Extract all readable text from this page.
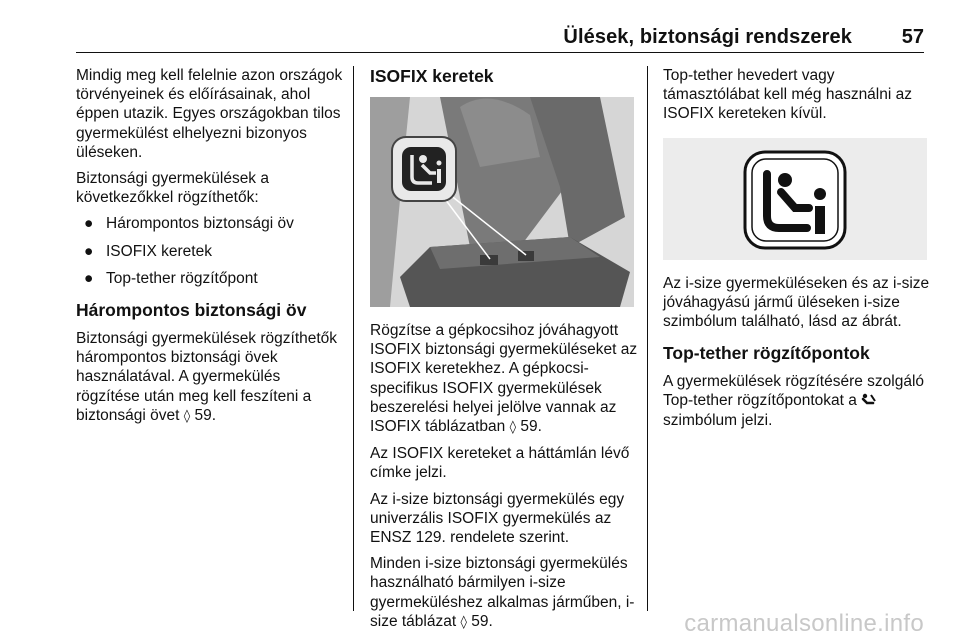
Ülések, biztonsági rendszerek 57

Mindig meg kell felelnie azon országok törvényeinek és előírásainak, ahol éppen utazik. Egyes országokban tilos gyermekülést elhelyezni bizonyos üléseken.

Biztonsági gyermekülések a következőkkel rögzíthetők:

● Hárompontos biztonsági öv
● ISOFIX keretek
● Top-tether rögzítőpont
Hárompontos biztonsági öv

Biztonsági gyermekülések rögzíthetők hárompontos biztonsági övek használatával. A gyermekülés rögzítése után meg kell feszíteni a biztonsági övet ◊ 59.

ISOFIX keretek

Rögzítse a gépkocsihoz jóváhagyott ISOFIX biztonsági gyermeküléseket az ISOFIX keretekhez. A gépkocsi-specifikus ISOFIX gyermekülések beszerelési helyei jelölve vannak az ISOFIX táblázatban ◊ 59.

Az ISOFIX kereteket a háttámlán lévő címke jelzi.

Az i-size biztonsági gyermekülés egy univerzális ISOFIX gyermekülés az ENSZ 129. rendelete szerint.

Minden i-size biztonsági gyermekülés használható bármilyen i-size gyermeküléshez alkalmas járműben, i-size táblázat ◊ 59.

Top-tether hevedert vagy támasztólábat kell még használni az ISOFIX kereteken kívül.

Az i-size gyermeküléseken és az i-size jóváhagyású jármű üléseken i-size szimbólum található, lásd az ábrát.

Top-tether rögzítőpontok

A gyermekülések rögzítésére szolgáló Top-tether rögzítőpontokat a  szimbólum jelzi.

carmanualsonline.info
